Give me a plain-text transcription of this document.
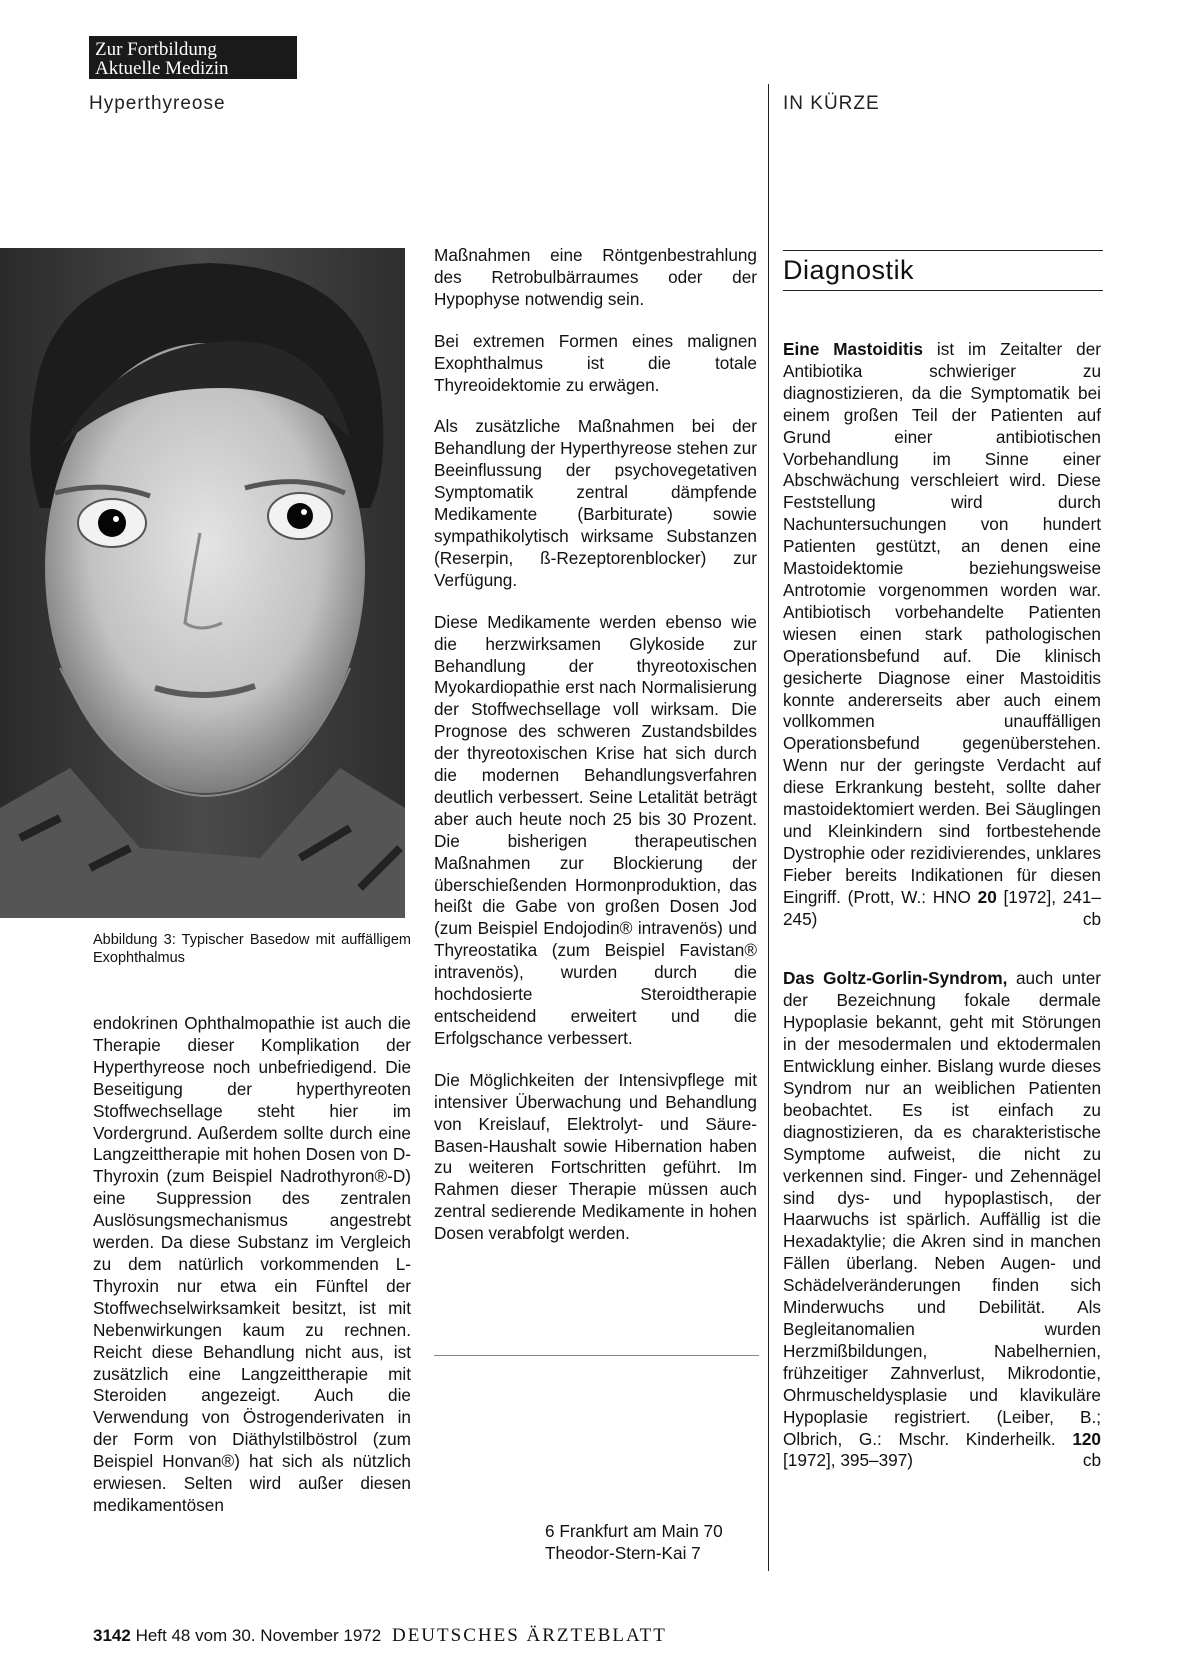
Zur Fortbildung
Aktuelle Medizin
Hyperthyreose	IN KÜRZE
Abbildung 3: Typischer Basedow mit auffälligem Exophthalmus

endokrinen Ophthalmopathie ist auch die Therapie dieser Komplikation der Hyperthyreose noch unbefriedigend. Die Beseitigung der hyperthyreoten Stoffwechsellage steht hier im Vordergrund. Außerdem sollte durch eine Langzeittherapie mit hohen Dosen von D-Thyroxin (zum Beispiel Nadrothyron®-D) eine Suppression des zentralen Auslösungsmechanismus angestrebt werden. Da diese Substanz im Vergleich zu dem natürlich vorkommenden L-Thyroxin nur etwa ein Fünftel der Stoffwechselwirksamkeit besitzt, ist mit Nebenwirkungen kaum zu rechnen. Reicht diese Behandlung nicht aus, ist zusätzlich eine Langzeittherapie mit Steroiden angezeigt. Auch die Verwendung von Östrogenderivaten in der Form von Diäthylstilböstrol (zum Beispiel Honvan®) hat sich als nützlich erwiesen. Selten wird außer diesen medikamentösen

Maßnahmen eine Röntgenbestrahlung des Retrobulbärraumes oder der Hypophyse notwendig sein.

Bei extremen Formen eines malignen Exophthalmus ist die totale Thyreoidektomie zu erwägen.

Als zusätzliche Maßnahmen bei der Behandlung der Hyperthyreose stehen zur Beeinflussung der psychovegetativen Symptomatik zentral dämpfende Medikamente (Barbiturate) sowie sympathikolytisch wirksame Substanzen (Reserpin, ß-Rezeptorenblocker) zur Verfügung.

Diese Medikamente werden ebenso wie die herzwirksamen Glykoside zur Behandlung der thyreotoxischen Myokardiopathie erst nach Normalisierung der Stoffwechsellage voll wirksam. Die Prognose des schweren Zustandsbildes der thyreotoxischen Krise hat sich durch die modernen Behandlungsverfahren deutlich verbessert. Seine Letalität beträgt aber auch heute noch 25 bis 30 Prozent. Die bisherigen therapeutischen Maßnahmen zur Blockierung der überschießenden Hormonproduktion, das heißt die Gabe von großen Dosen Jod (zum Beispiel Endojodin® intravenös) und Thyreostatika (zum Beispiel Favistan® intravenös), wurden durch die hochdosierte Steroidtherapie entscheidend erweitert und die Erfolgschance verbessert.

Die Möglichkeiten der Intensivpflege mit intensiver Überwachung und Behandlung von Kreislauf, Elektrolyt- und Säure-Basen-Haushalt sowie Hibernation haben zu weiteren Fortschritten geführt. Im Rahmen dieser Therapie müssen auch zentral sedierende Medikamente in hohen Dosen verabfolgt werden.

6 Frankfurt am Main 70
Theodor-Stern-Kai 7
Diagnostik

Eine Mastoiditis ist im Zeitalter der Antibiotika schwieriger zu diagnostizieren, da die Symptomatik bei einem großen Teil der Patienten auf Grund einer antibiotischen Vorbehandlung im Sinne einer Abschwächung verschleiert wird. Diese Feststellung wird durch Nachuntersuchungen von hundert Patienten gestützt, an denen eine Mastoidektomie beziehungsweise Antrotomie vorgenommen worden war. Antibiotisch vorbehandelte Patienten wiesen einen stark pathologischen Operationsbefund auf. Die klinisch gesicherte Diagnose einer Mastoiditis konnte andererseits aber auch einem vollkommen unauffälligen Operationsbefund gegenüberstehen. Wenn nur der geringste Verdacht auf diese Erkrankung besteht, sollte daher mastoidektomiert werden. Bei Säuglingen und Kleinkindern sind fortbestehende Dystrophie oder rezidivierendes, unklares Fieber bereits Indikationen für diesen Eingriff. (Prott, W.: HNO 20 [1972], 241–245)	cb

Das Goltz-Gorlin-Syndrom, auch unter der Bezeichnung fokale dermale Hypoplasie bekannt, geht mit Störungen in der mesodermalen und ektodermalen Entwicklung einher. Bislang wurde dieses Syndrom nur an weiblichen Patienten beobachtet. Es ist einfach zu diagnostizieren, da es charakteristische Symptome aufweist, die nicht zu verkennen sind. Finger- und Zehennägel sind dys- und hypoplastisch, der Haarwuchs ist spärlich. Auffällig ist die Hexadaktylie; die Akren sind in manchen Fällen überlang. Neben Augen- und Schädelveränderungen finden sich Minderwuchs und Debilität. Als Begleitanomalien wurden Herzmißbildungen, Nabelhernien, frühzeitiger Zahnverlust, Mikrodontie, Ohrmuscheldysplasie und klavikuläre Hypoplasie registriert. (Leiber, B.; Olbrich, G.: Mschr. Kinderheilk. 120 [1972], 395–397)	cb

3142 Heft 48 vom 30. November 1972 DEUTSCHES ÄRZTEBLATT
